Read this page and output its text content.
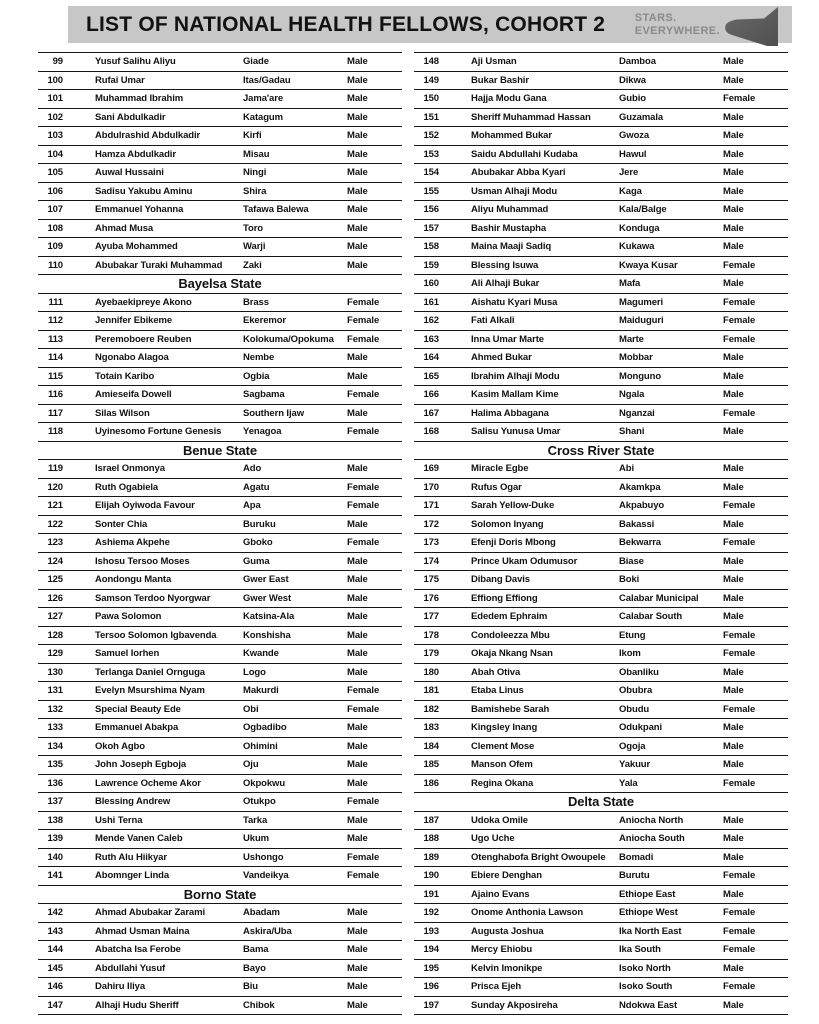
LIST OF NATIONAL HEALTH FELLOWS, COHORT 2	STARS.
EVERYWHERE.
99	Yusuf Salihu Aliyu	Giade	Male
100	Rufai Umar	Itas/Gadau	Male
101	Muhammad Ibrahim	Jama'are	Male
102	Sani Abdulkadir	Katagum	Male
103	Abdulrashid Abdulkadir	Kirfi	Male
104	Hamza Abdulkadir	Misau	Male
105	Auwal Hussaini	Ningi	Male
106	Sadisu Yakubu Aminu	Shira	Male
107	Emmanuel Yohanna	Tafawa Balewa	Male
108	Ahmad Musa	Toro	Male
109	Ayuba Mohammed	Warji	Male
110	Abubakar Turaki Muhammad	Zaki	Male
Bayelsa State
111	Ayebaekipreye Akono	Brass	Female
112	Jennifer Ebikeme	Ekeremor	Female
113	Peremoboere Reuben	Kolokuma/Opokuma	Female
114	Ngonabo Alagoa	Nembe	Male
115	Totain Karibo	Ogbia	Male
116	Amieseifa Dowell	Sagbama	Female
117	Silas Wilson	Southern Ijaw	Male
118	Uyinesomo Fortune Genesis	Yenagoa	Female
Benue State
119	Israel Onmonya	Ado	Male
120	Ruth Ogabiela	Agatu	Female
121	Elijah Oyiwoda Favour	Apa	Female
122	Sonter Chia	Buruku	Male
123	Ashiema Akpehe	Gboko	Female
124	Ishosu Tersoo Moses	Guma	Male
125	Aondongu Manta	Gwer East	Male
126	Samson Terdoo Nyorgwar	Gwer West	Male
127	Pawa Solomon	Katsina-Ala	Male
128	Tersoo Solomon Igbavenda	Konshisha	Male
129	Samuel Iorhen	Kwande	Male
130	Terlanga Daniel Ornguga	Logo	Male
131	Evelyn Msurshima Nyam	Makurdi	Female
132	Special Beauty Ede	Obi	Female
133	Emmanuel Abakpa	Ogbadibo	Male
134	Okoh Agbo	Ohimini	Male
135	John Joseph Egboja	Oju	Male
136	Lawrence Ocheme Akor	Okpokwu	Male
137	Blessing Andrew	Otukpo	Female
138	Ushi Terna	Tarka	Male
139	Mende Vanen Caleb	Ukum	Male
140	Ruth Alu Hiikyar	Ushongo	Female
141	Abomnger Linda	Vandeikya	Female
Borno State
142	Ahmad Abubakar Zarami	Abadam	Male
143	Ahmad Usman Maina	Askira/Uba	Male
144	Abatcha Isa Ferobe	Bama	Male
145	Abdullahi Yusuf	Bayo	Male
146	Dahiru Iliya	Biu	Male
147	Alhaji Hudu Sheriff	Chibok	Male
148	Aji Usman	Damboa	Male
149	Bukar Bashir	Dikwa	Male
150	Hajja Modu Gana	Gubio	Female
151	Sheriff Muhammad Hassan	Guzamala	Male
152	Mohammed Bukar	Gwoza	Male
153	Saidu Abdullahi Kudaba	Hawul	Male
154	Abubakar Abba Kyari	Jere	Male
155	Usman Alhaji Modu	Kaga	Male
156	Aliyu Muhammad	Kala/Balge	Male
157	Bashir Mustapha	Konduga	Male
158	Maina Maaji Sadiq	Kukawa	Male
159	Blessing Isuwa	Kwaya Kusar	Female
160	Ali Alhaji Bukar	Mafa	Male
161	Aishatu Kyari Musa	Magumeri	Female
162	Fati Alkali	Maiduguri	Female
163	Inna Umar Marte	Marte	Female
164	Ahmed Bukar	Mobbar	Male
165	Ibrahim Alhaji Modu	Monguno	Male
166	Kasim Mallam Kime	Ngala	Male
167	Halima Abbagana	Nganzai	Female
168	Salisu Yunusa Umar	Shani	Male
Cross River State
169	Miracle Egbe	Abi	Male
170	Rufus Ogar	Akamkpa	Male
171	Sarah Yellow-Duke	Akpabuyo	Female
172	Solomon Inyang	Bakassi	Male
173	Efenji Doris Mbong	Bekwarra	Female
174	Prince Ukam Odumusor	Biase	Male
175	Dibang Davis	Boki	Male
176	Effiong Effiong	Calabar Municipal	Male
177	Ededem Ephraim	Calabar South	Male
178	Condoleezza Mbu	Etung	Female
179	Okaja Nkang Nsan	Ikom	Female
180	Abah Otiva	Obanliku	Male
181	Etaba Linus	Obubra	Male
182	Bamishebe Sarah	Obudu	Female
183	Kingsley Inang	Odukpani	Male
184	Clement Mose	Ogoja	Male
185	Manson Ofem	Yakuur	Male
186	Regina Okana	Yala	Female
Delta State
187	Udoka Omile	Aniocha North	Male
188	Ugo Uche	Aniocha South	Male
189	Otenghabofa Bright Owoupele	Bomadi	Male
190	Ebiere Denghan	Burutu	Female
191	Ajaino Evans	Ethiope East	Male
192	Onome Anthonia Lawson	Ethiope West	Female
193	Augusta Joshua	Ika North East	Female
194	Mercy Ehiobu	Ika South	Female
195	Kelvin Imonikpe	Isoko North	Male
196	Prisca Ejeh	Isoko South	Female
197	Sunday Akposireha	Ndokwa East	Male
